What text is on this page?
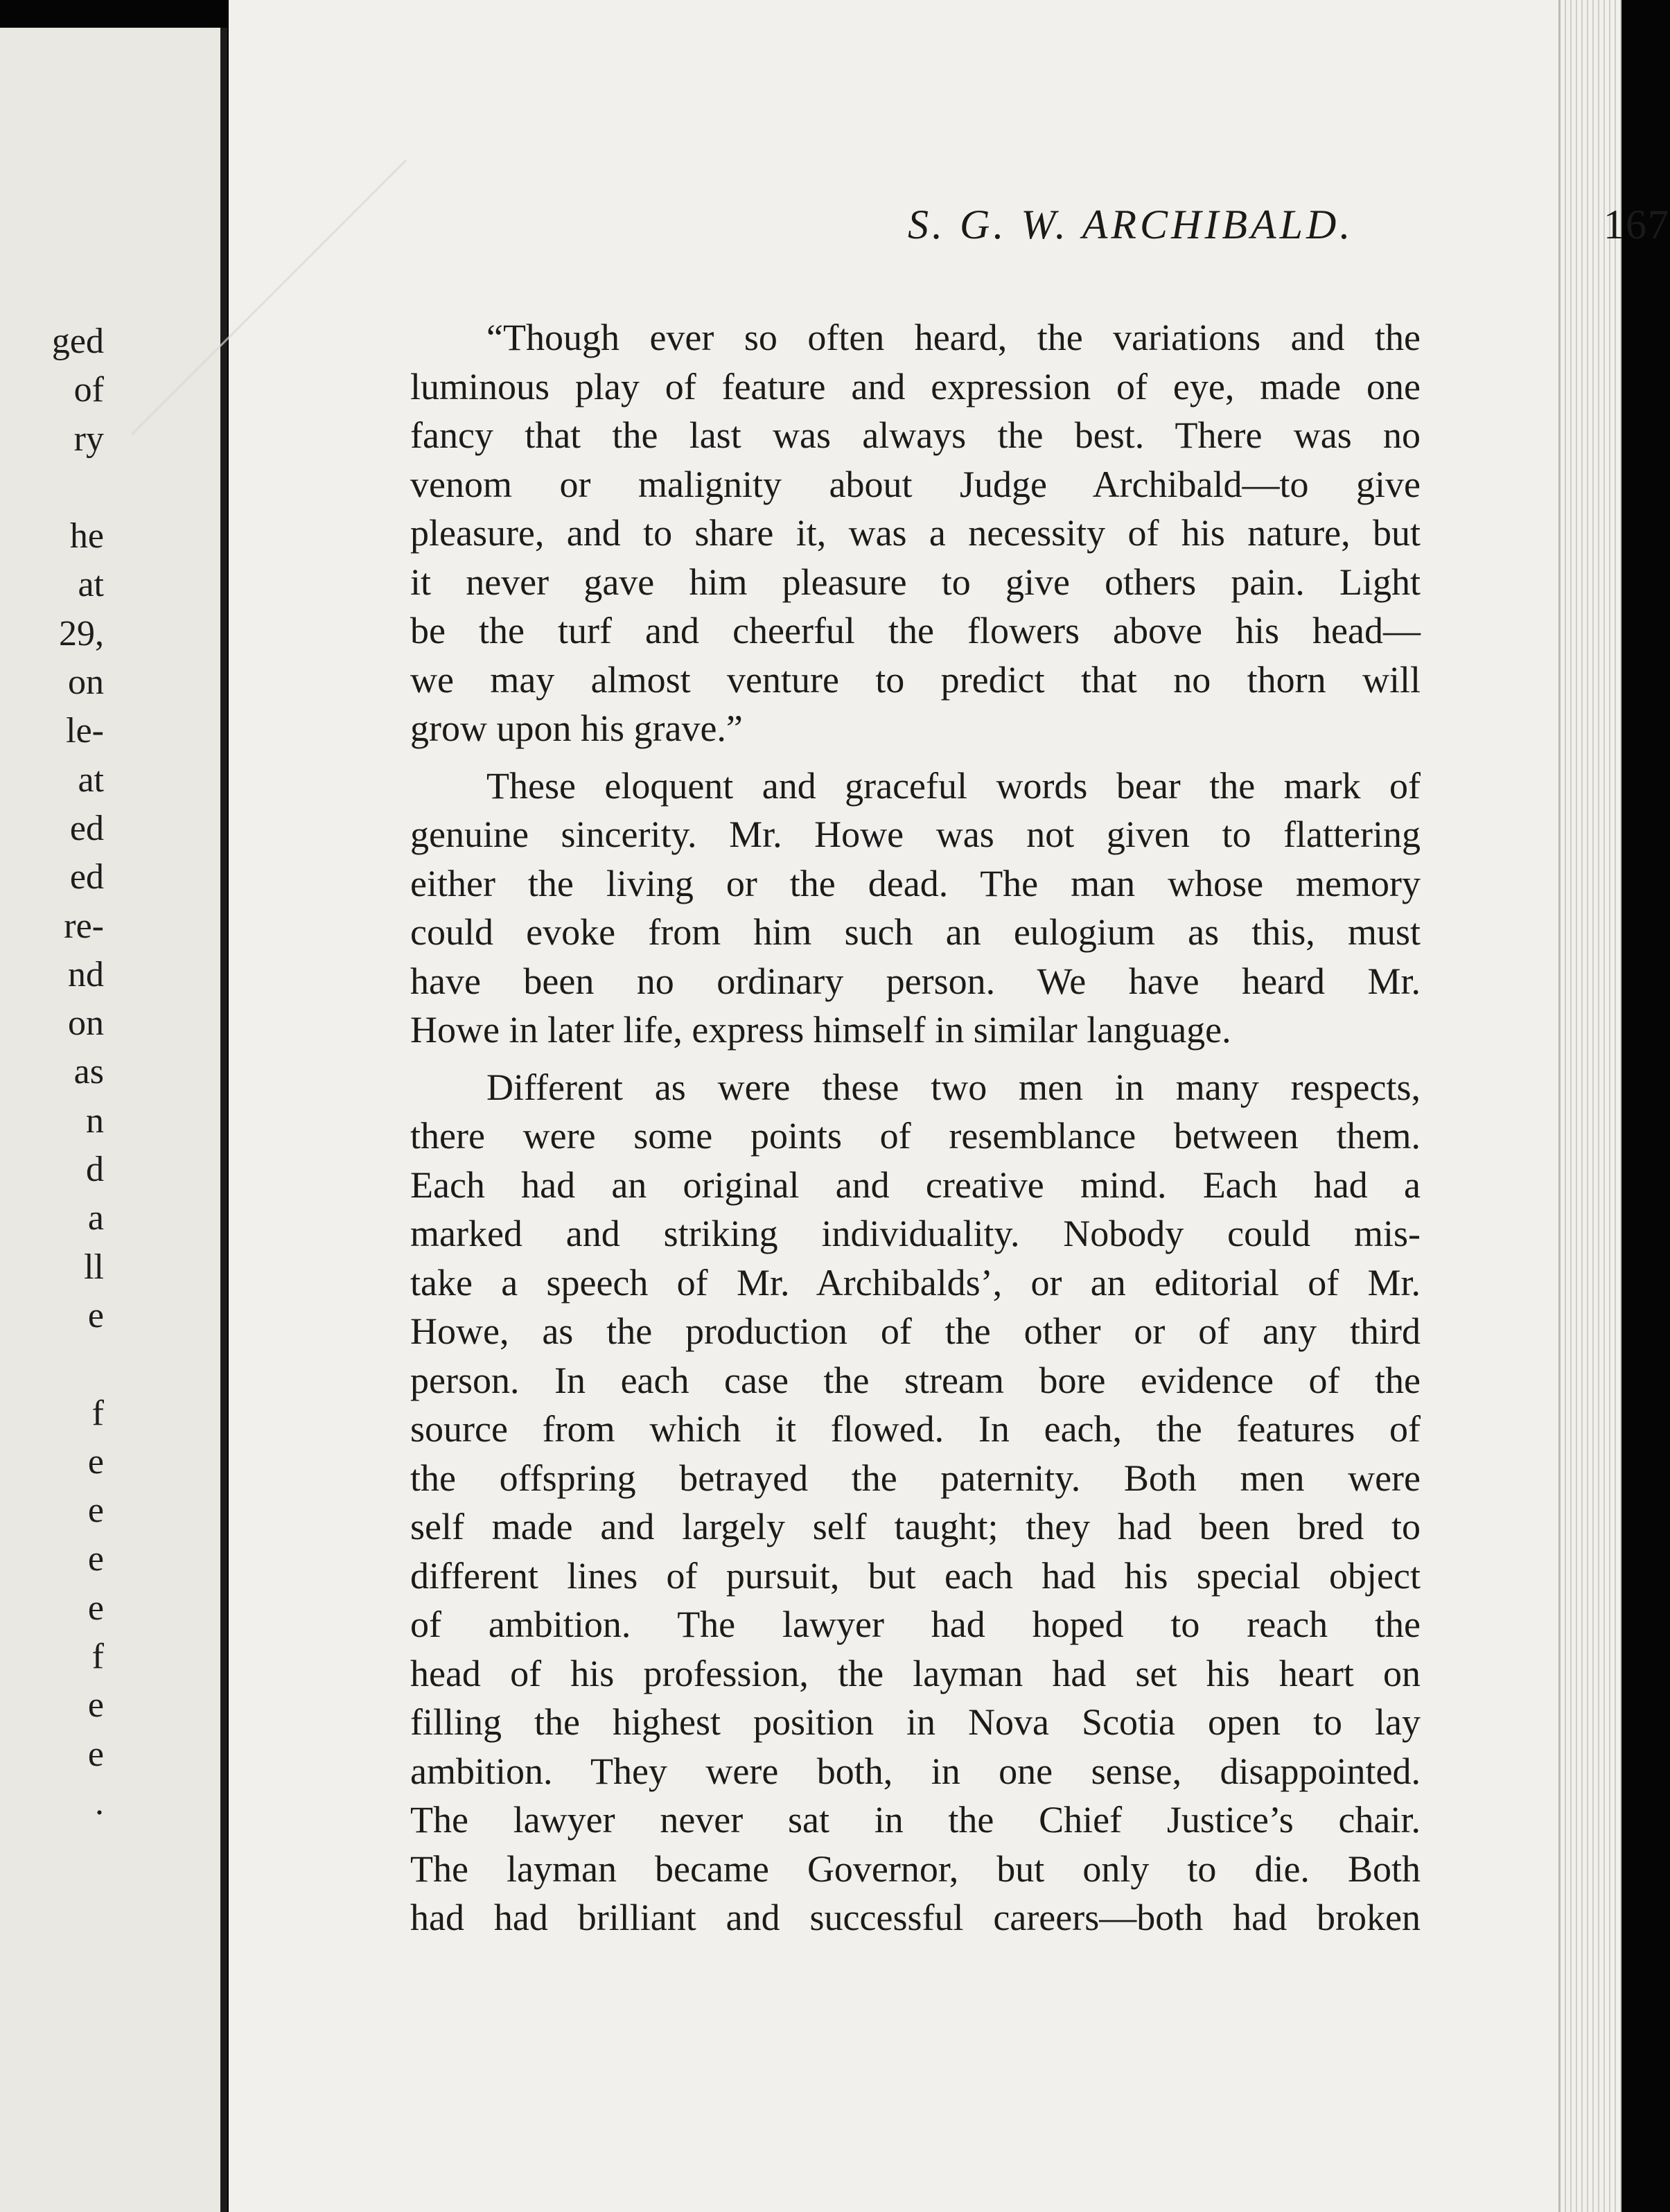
ged
of
ry

he
at
29,
on
le-
at
ed
ed
re-
nd
on
as
n
d
a
ll
e

f
e
e
e
e
f
e
e
.
S. G. W. ARCHIBALD.	167
“Though ever so often heard, the variations and the
luminous play of feature and expression of eye, made one
fancy that the last was always the best. There was no
venom or malignity about Judge Archibald—to give
pleasure, and to share it, was a necessity of his nature, but
it never gave him pleasure to give others pain. Light
be the turf and cheerful the flowers above his head—
we may almost venture to predict that no thorn will
grow upon his grave.”
These eloquent and graceful words bear the mark of
genuine sincerity. Mr. Howe was not given to flattering
either the living or the dead. The man whose memory
could evoke from him such an eulogium as this, must
have been no ordinary person. We have heard Mr.
Howe in later life, express himself in similar language.
Different as were these two men in many respects,
there were some points of resemblance between them.
Each had an original and creative mind. Each had a
marked and striking individuality. Nobody could mis-
take a speech of Mr. Archibalds’, or an editorial of Mr.
Howe, as the production of the other or of any third
person. In each case the stream bore evidence of the
source from which it flowed. In each, the features of
the offspring betrayed the paternity. Both men were
self made and largely self taught; they had been bred to
different lines of pursuit, but each had his special object
of ambition. The lawyer had hoped to reach the
head of his profession, the layman had set his heart on
filling the highest position in Nova Scotia open to lay
ambition. They were both, in one sense, disappointed.
The lawyer never sat in the Chief Justice’s chair.
The layman became Governor, but only to die. Both
had had brilliant and successful careers—both had broken
